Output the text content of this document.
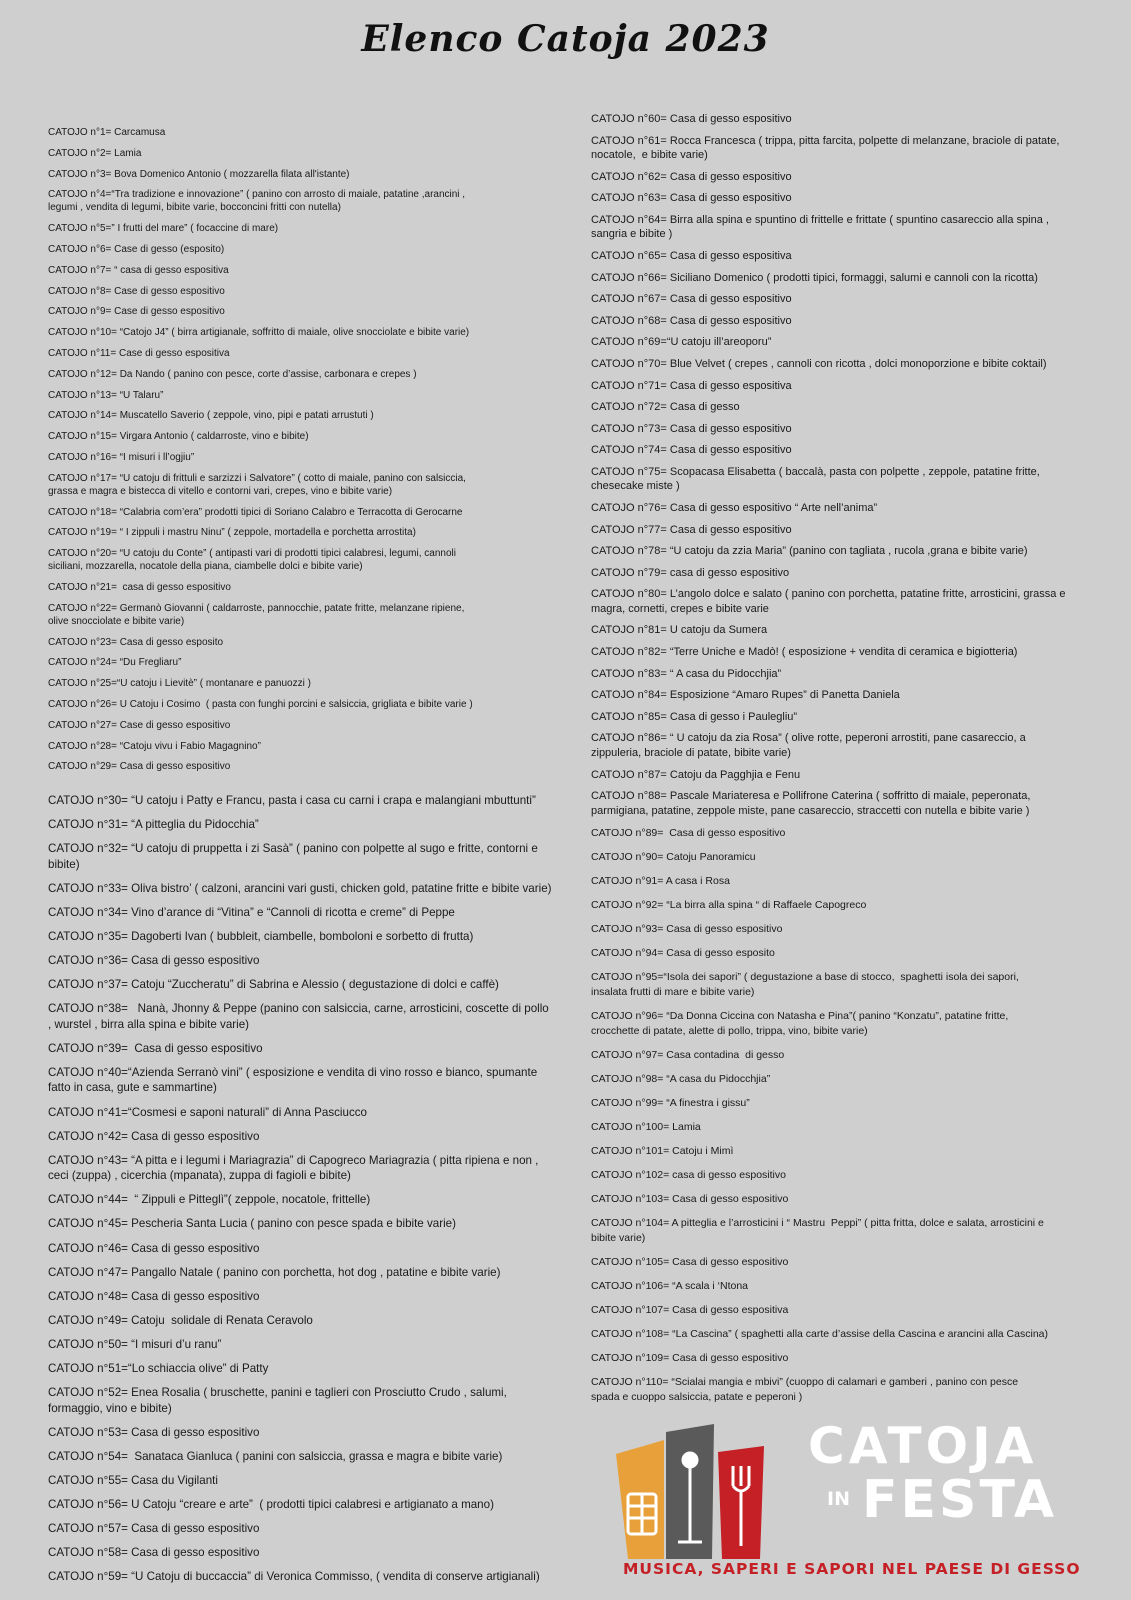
Elenco Catoja 2023
CATOJO n°1= Carcamusa
CATOJO n°2= Lamia
CATOJO n°3= Bova Domenico Antonio ( mozzarella filata all'istante)
CATOJO n°4=“Tra tradizione e innovazione” ( panino con arrosto di maiale, patatine ,arancini ,
legumi , vendita di legumi, bibite varie, bocconcini fritti con nutella)
CATOJO n°5=” I frutti del mare” ( focaccine di mare)
CATOJO n°6= Case di gesso (esposito)
CATOJO n°7= “ casa di gesso espositiva
CATOJO n°8= Case di gesso espositivo
CATOJO n°9= Case di gesso espositivo
CATOJO n°10= “Catojo J4” ( birra artigianale, soffritto di maiale, olive snocciolate e bibite varie)
CATOJO n°11= Case di gesso espositiva
CATOJO n°12= Da Nando ( panino con pesce, corte d’assise, carbonara e crepes )
CATOJO n°13= “U Talaru”
CATOJO n°14= Muscatello Saverio ( zeppole, vino, pipi e patati arrustuti )
CATOJO n°15= Virgara Antonio ( caldarroste, vino e bibite)
CATOJO n°16= “I misuri i ll’ogjiu”
CATOJO n°17= “U catoju di frittuli e sarzizzi i Salvatore” ( cotto di maiale, panino con salsiccia,
grassa e magra e bistecca di vitello e contorni vari, crepes, vino e bibite varie)
CATOJO n°18= “Calabria com’era” prodotti tipici di Soriano Calabro e Terracotta di Gerocarne
CATOJO n°19= “ I zippuli i mastru Ninu” ( zeppole, mortadella e porchetta arrostita)
CATOJO n°20= “U catoju du Conte” ( antipasti vari di prodotti tipici calabresi, legumi, cannoli
siciliani, mozzarella, nocatole della piana, ciambelle dolci e bibite varie)
CATOJO n°21=  casa di gesso espositivo
CATOJO n°22= Germanò Giovanni ( caldarroste, pannocchie, patate fritte, melanzane ripiene,
olive snocciolate e bibite varie)
CATOJO n°23= Casa di gesso esposito
CATOJO n°24= “Du Fregliaru”
CATOJO n°25=“U catoju i Lievitè” ( montanare e panuozzi )
CATOJO n°26= U Catoju i Cosimo  ( pasta con funghi porcini e salsiccia, grigliata e bibite varie )
CATOJO n°27= Case di gesso espositivo
CATOJO n°28= “Catoju vivu i Fabio Magagnino”
CATOJO n°29= Casa di gesso espositivo
CATOJO n°30= “U catoju i Patty e Francu, pasta i casa cu carni i crapa e malangiani mbuttunti”
CATOJO n°31= “A pitteglia du Pidocchia”
CATOJO n°32= “U catoju di pruppetta i zi Sasà” ( panino con polpette al sugo e fritte, contorni e
bibite)
CATOJO n°33= Oliva bistro’ ( calzoni, arancini vari gusti, chicken gold, patatine fritte e bibite varie)
CATOJO n°34= Vino d’arance di “Vitina” e “Cannoli di ricotta e creme” di Peppe
CATOJO n°35= Dagoberti Ivan ( bubbleit, ciambelle, bomboloni e sorbetto di frutta)
CATOJO n°36= Casa di gesso espositivo
CATOJO n°37= Catoju “Zuccheratu” di Sabrina e Alessio ( degustazione di dolci e caffè)
CATOJO n°38=   Nanà, Jhonny & Peppe (panino con salsiccia, carne, arrosticini, coscette di pollo
, wurstel , birra alla spina e bibite varie)
CATOJO n°39=  Casa di gesso espositivo
CATOJO n°40=“Azienda Serranò vini” ( esposizione e vendita di vino rosso e bianco, spumante
fatto in casa, gute e sammartine)
CATOJO n°41=“Cosmesi e saponi naturali” di Anna Pasciucco
CATOJO n°42= Casa di gesso espositivo
CATOJO n°43= “A pitta e i legumi i Mariagrazia” di Capogreco Mariagrazia ( pitta ripiena e non ,
ceci (zuppa) , cicerchia (mpanata), zuppa di fagioli e bibite)
CATOJO n°44=  “ Zippuli e Pitteglì”( zeppole, nocatole, frittelle)
CATOJO n°45= Pescheria Santa Lucia ( panino con pesce spada e bibite varie)
CATOJO n°46= Casa di gesso espositivo
CATOJO n°47= Pangallo Natale ( panino con porchetta, hot dog , patatine e bibite varie)
CATOJO n°48= Casa di gesso espositivo
CATOJO n°49= Catoju  solidale di Renata Ceravolo
CATOJO n°50= “I misuri d’u ranu”
CATOJO n°51=“Lo schiaccia olive” di Patty
CATOJO n°52= Enea Rosalia ( bruschette, panini e taglieri con Prosciutto Crudo , salumi,
formaggio, vino e bibite)
CATOJO n°53= Casa di gesso espositivo
CATOJO n°54=  Sanataca Gianluca ( panini con salsiccia, grassa e magra e bibite varie)
CATOJO n°55= Casa du Vigilanti
CATOJO n°56= U Catoju “creare e arte”  ( prodotti tipici calabresi e artigianato a mano)
CATOJO n°57= Casa di gesso espositivo
CATOJO n°58= Casa di gesso espositivo
CATOJO n°59= “U Catoju di buccaccia” di Veronica Commisso, ( vendita di conserve artigianali)
CATOJO n°60= Casa di gesso espositivo
CATOJO n°61= Rocca Francesca ( trippa, pitta farcita, polpette di melanzane, braciole di patate,
nocatole,  e bibite varie)
CATOJO n°62= Casa di gesso espositivo
CATOJO n°63= Casa di gesso espositivo
CATOJO n°64= Birra alla spina e spuntino di frittelle e frittate ( spuntino casareccio alla spina ,
sangria e bibite )
CATOJO n°65= Casa di gesso espositiva
CATOJO n°66= Siciliano Domenico ( prodotti tipici, formaggi, salumi e cannoli con la ricotta)
CATOJO n°67= Casa di gesso espositivo
CATOJO n°68= Casa di gesso espositivo
CATOJO n°69=“U catoju ill’areoporu”
CATOJO n°70= Blue Velvet ( crepes , cannoli con ricotta , dolci monoporzione e bibite coktail)
CATOJO n°71= Casa di gesso espositiva
CATOJO n°72= Casa di gesso
CATOJO n°73= Casa di gesso espositivo
CATOJO n°74= Casa di gesso espositivo
CATOJO n°75= Scopacasa Elisabetta ( baccalà, pasta con polpette , zeppole, patatine fritte,
chesecake miste )
CATOJO n°76= Casa di gesso espositivo “ Arte nell’anima”
CATOJO n°77= Casa di gesso espositivo
CATOJO n°78= “U catoju da zzia Maria” (panino con tagliata , rucola ,grana e bibite varie)
CATOJO n°79= casa di gesso espositivo
CATOJO n°80= L’angolo dolce e salato ( panino con porchetta, patatine fritte, arrosticini, grassa e
magra, cornetti, crepes e bibite varie
CATOJO n°81= U catoju da Sumera
CATOJO n°82= “Terre Uniche e Madò! ( esposizione + vendita di ceramica e bigiotteria)
CATOJO n°83= “ A casa du Pidocchjia”
CATOJO n°84= Esposizione “Amaro Rupes” di Panetta Daniela
CATOJO n°85= Casa di gesso i Paulegliu”
CATOJO n°86= “ U catoju da zia Rosa” ( olive rotte, peperoni arrostiti, pane casareccio, a
zippuleria, braciole di patate, bibite varie)
CATOJO n°87= Catoju da Pagghjia e Fenu
CATOJO n°88= Pascale Mariateresa e Pollifrone Caterina ( soffritto di maiale, peperonata,
parmigiana, patatine, zeppole miste, pane casareccio, straccetti con nutella e bibite varie )
CATOJO n°89=  Casa di gesso espositivo
CATOJO n°90= Catoju Panoramicu
CATOJO n°91= A casa i Rosa
CATOJO n°92= “La birra alla spina “ di Raffaele Capogreco
CATOJO n°93= Casa di gesso espositivo
CATOJO n°94= Casa di gesso esposito
CATOJO n°95=“Isola dei sapori” ( degustazione a base di stocco,  spaghetti isola dei sapori,
insalata frutti di mare e bibite varie)
CATOJO n°96= “Da Donna Ciccina con Natasha e Pina”( panino “Konzatu”, patatine fritte,
crocchette di patate, alette di pollo, trippa, vino, bibite varie)
CATOJO n°97= Casa contadina  di gesso
CATOJO n°98= “A casa du Pidocchjia”
CATOJO n°99= “A finestra i gissu”
CATOJO n°100= Lamia
CATOJO n°101= Catoju i Mimì
CATOJO n°102= casa di gesso espositivo
CATOJO n°103= Casa di gesso espositivo
CATOJO n°104= A pitteglia e l’arrosticini i “ Mastru  Peppi” ( pitta fritta, dolce e salata, arrosticini e
bibite varie)
CATOJO n°105= Casa di gesso espositivo
CATOJO n°106= “A scala i ‘Ntona
CATOJO n°107= Casa di gesso espositiva
CATOJO n°108= “La Cascina” ( spaghetti alla carte d’assise della Cascina e arancini alla Cascina)
CATOJO n°109= Casa di gesso espositivo
CATOJO n°110= “Scialai mangia e mbivi” (cuoppo di calamari e gamberi , panino con pesce
spada e cuoppo salsiccia, patate e peperoni )
CATOJA
IN FESTA
MUSICA, SAPERI E SAPORI NEL PAESE DI GESSO
